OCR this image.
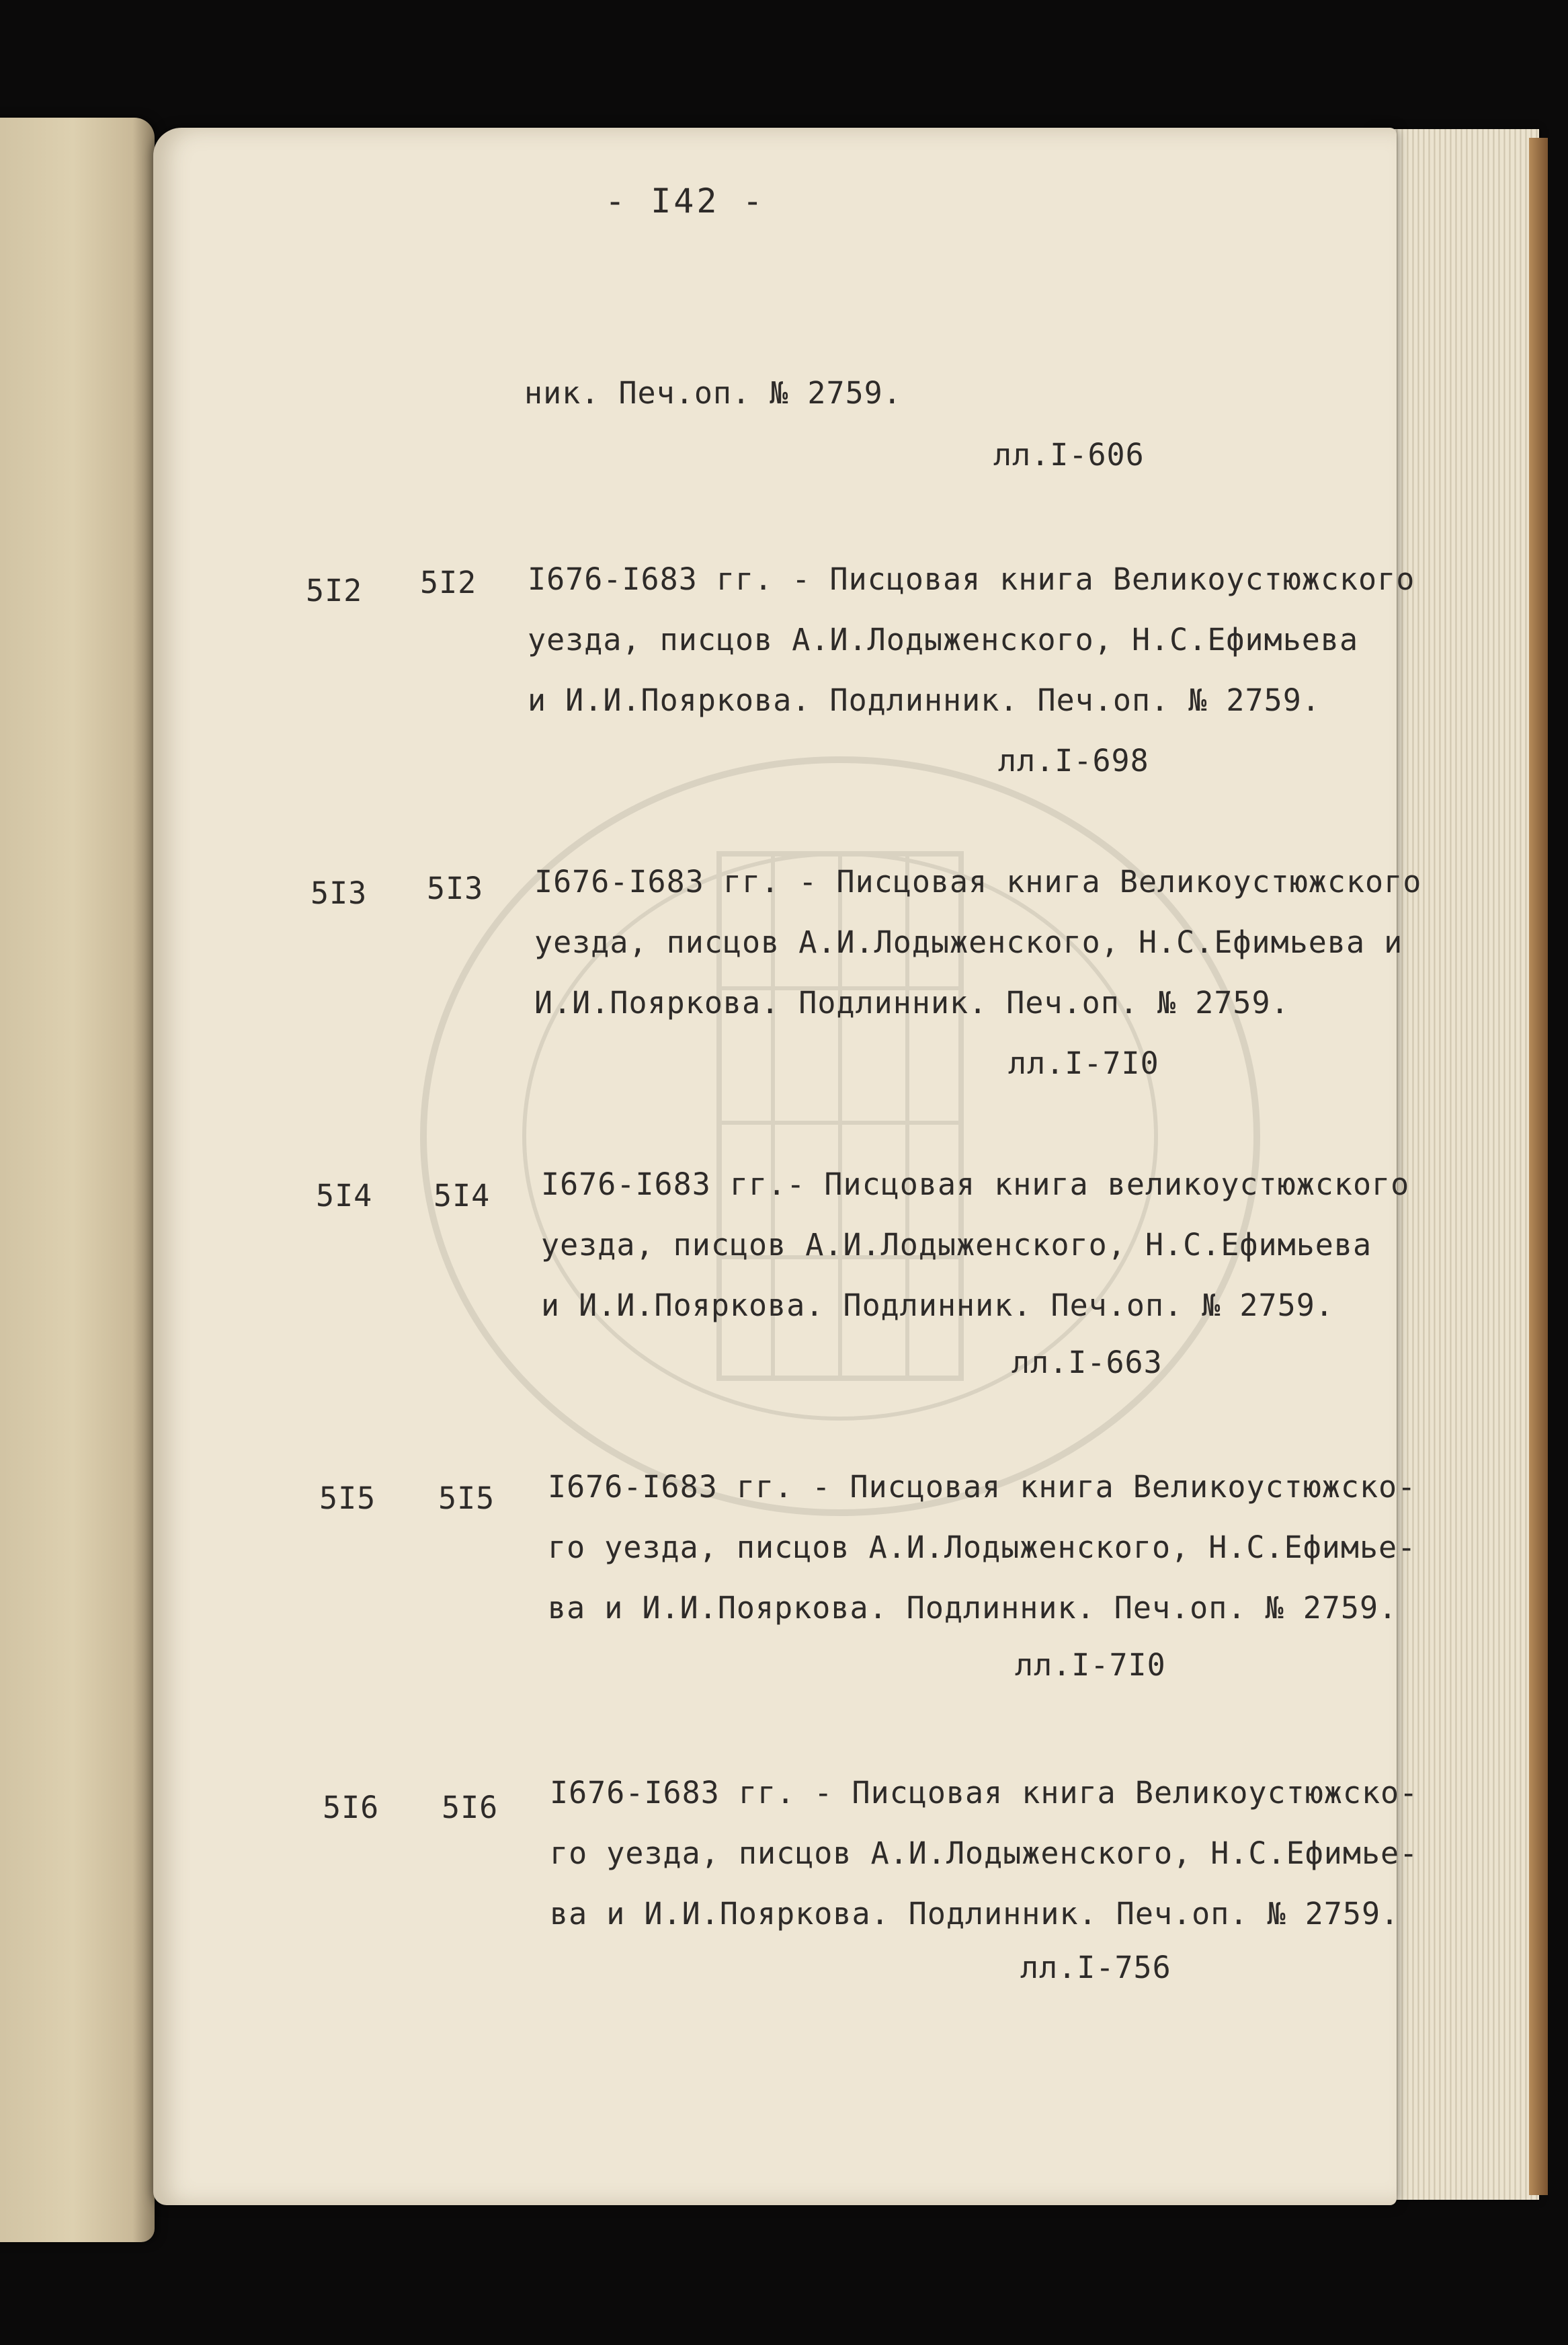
- I42 -
ник. Печ.оп. № 2759.
лл.I-606
5I2 5I2 I676-I683 гг. - Писцовая книга Великоустюжского
уезда, писцов А.И.Лодыженского, Н.С.Ефимьева
и И.И.Пояркова. Подлинник. Печ.оп. № 2759.
лл.I-698
5I3 5I3 I676-I683 гг. - Писцовая книга Великоустюжского
уезда, писцов А.И.Лодыженского, Н.С.Ефимьева и
И.И.Пояркова. Подлинник. Печ.оп. № 2759.
лл.I-7I0
5I4 5I4 I676-I683 гг.- Писцовая книга великоустюжского
уезда, писцов А.И.Лодыженского, Н.С.Ефимьева
и И.И.Пояркова. Подлинник. Печ.оп. № 2759.
лл.I-663
5I5 5I5 I676-I683 гг. - Писцовая книга Великоустюжско-
го уезда, писцов А.И.Лодыженского, Н.С.Ефимье-
ва и И.И.Пояркова. Подлинник. Печ.оп. № 2759.
лл.I-7I0
5I6 5I6 I676-I683 гг. - Писцовая книга Великоустюжско-
го уезда, писцов А.И.Лодыженского, Н.С.Ефимье-
ва и И.И.Пояркова. Подлинник. Печ.оп. № 2759.
лл.I-756
